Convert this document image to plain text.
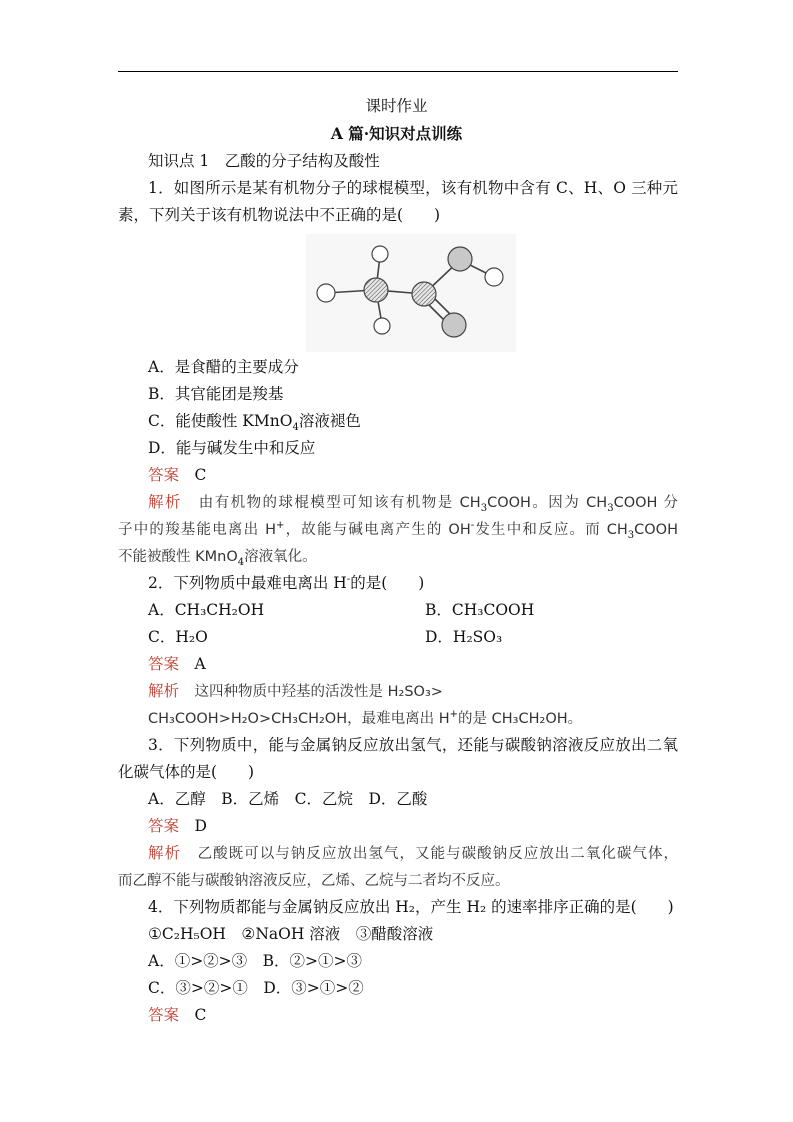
课时作业
A 篇·知识对点训练
知识点 1　乙酸的分子结构及酸性
1．如图所示是某有机物分子的球棍模型，该有机物中含有 C、H、O 三种元
素，下列关于该有机物说法中不正确的是(　　)
A．是食醋的主要成分
B．其官能团是羧基
C．能使酸性 KMnO$_4$溶液褪色
D．能与碱发生中和反应
答案　 C
解析　 由有机物的球棍模型可知该有机物是 $CH_3COOH$。因为 $CH_3COOH$ 分
子中的羧基能电离出 H+，故能与碱电离产生的 OH-发生中和反应。而 $CH_3COOH$
不能被酸性 KMnO$_4$溶液氧化。
2．下列物质中最难电离出 H-的是(　　)
A．CH₃CH₂OH	B．CH₃COOH
C．H₂O	D．H₂SO₃
答案　 A
解析　 这四种物质中羟基的活泼性是 H₂SO₃>
CH₃COOH>H₂O>CH₃CH₂OH，最难电离出 H+的是 CH₃CH₂OH。
3．下列物质中，能与金属钠反应放出氢气，还能与碳酸钠溶液反应放出二氧
化碳气体的是(　　)
A．乙醇　B．乙烯　C．乙烷　D．乙酸
答案　 D
解析　 乙酸既可以与钠反应放出氢气，又能与碳酸钠反应放出二氧化碳气体，
而乙醇不能与碳酸钠溶液反应，乙烯、乙烷与二者均不反应。
4．下列物质都能与金属钠反应放出 H₂，产生 H₂ 的速率排序正确的是(　　)
①C₂H₅OH　②NaOH 溶液　③醋酸溶液
A．①>②>③　B．②>①>③
C．③>②>①　D．③>①>②
答案　 C
